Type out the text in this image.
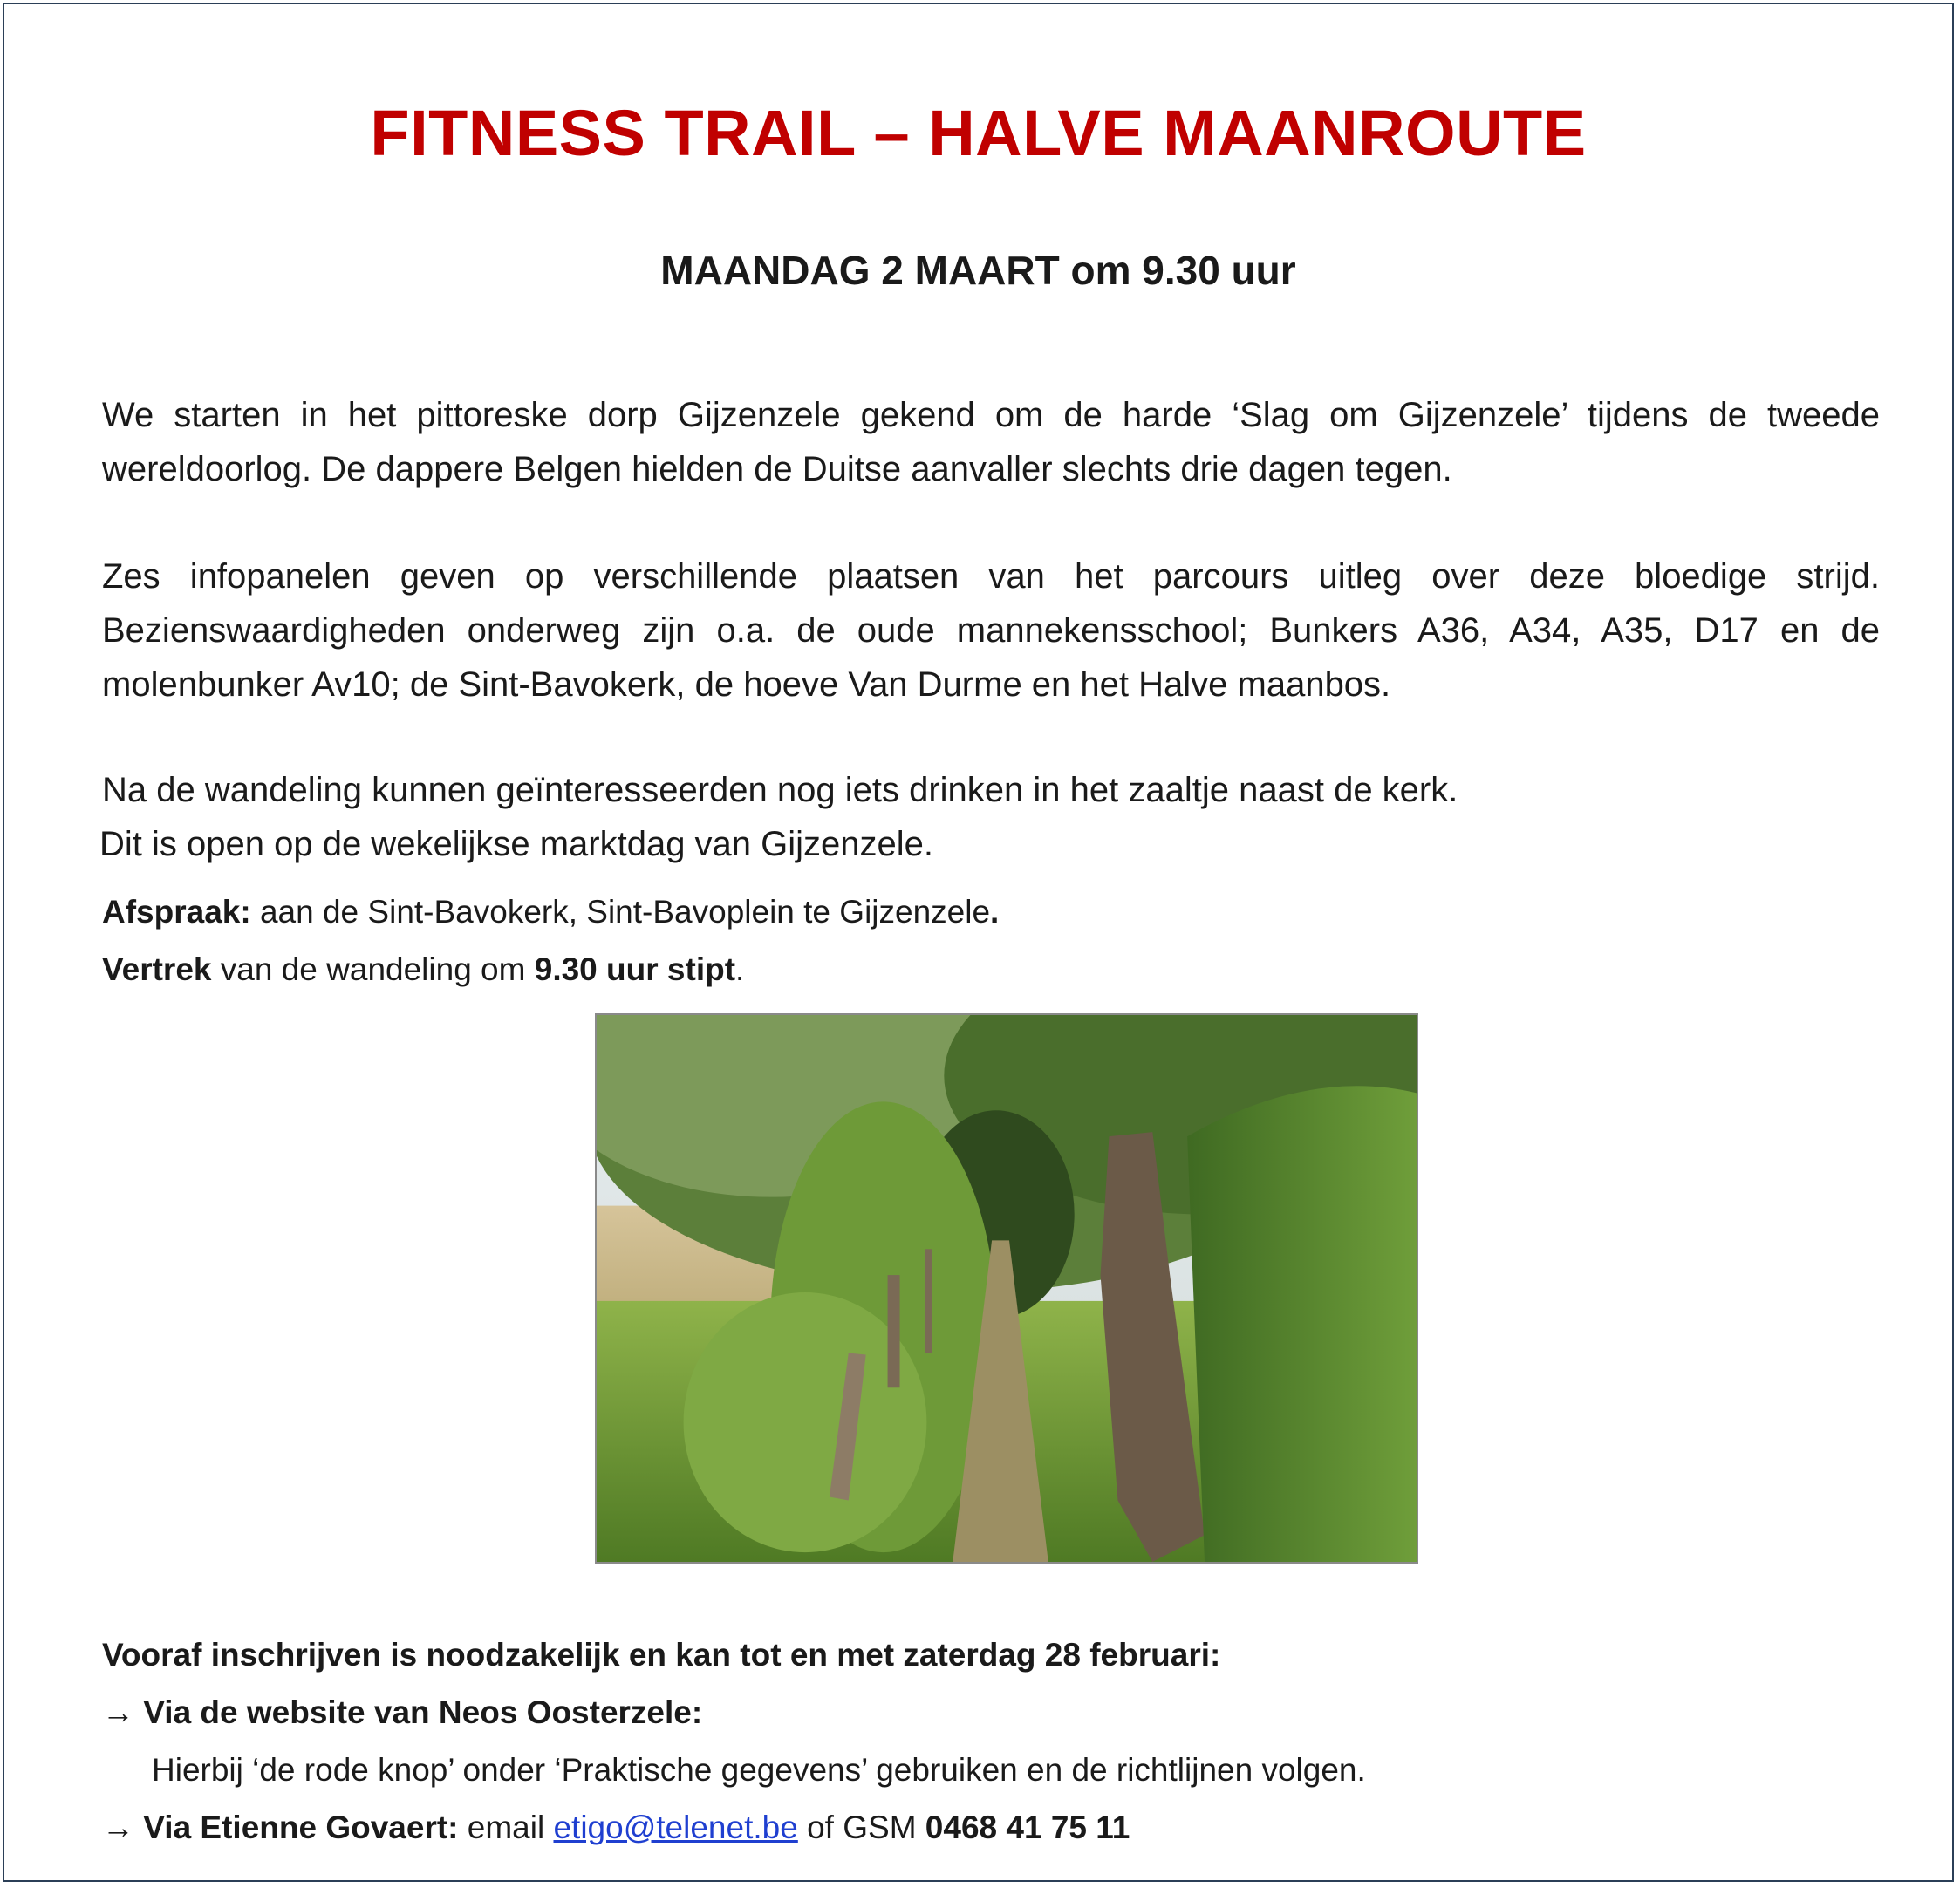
FITNESS TRAIL – HALVE MAANROUTE
MAANDAG 2 MAART om 9.30 uur

We starten in het pittoreske dorp Gijzenzele gekend om de harde ‘Slag om Gijzenzele’ tijdens de tweede wereldoorlog. De dappere Belgen hielden de Duitse aanvaller slechts drie dagen tegen.

Zes infopanelen geven op verschillende plaatsen van het parcours uitleg over deze bloedige strijd. Bezienswaardigheden onderweg zijn o.a. de oude mannekensschool; Bunkers A36, A34, A35, D17 en de molenbunker Av10; de Sint-Bavokerk, de hoeve Van Durme en het Halve maanbos.

Na de wandeling kunnen geïnteresseerden nog iets drinken in het zaaltje naast de kerk.

Dit is open op de wekelijkse marktdag van Gijzenzele.

Afspraak: aan de Sint-Bavokerk, Sint-Bavoplein te Gijzenzele.

Vertrek van de wandeling om 9.30 uur stipt.

Vooraf inschrijven is noodzakelijk en kan tot en met zaterdag 28 februari:

→ Via de website van Neos Oosterzele:

Hierbij ‘de rode knop’ onder ‘Praktische gegevens’ gebruiken en de richtlijnen volgen.

→ Via Etienne Govaert: email etigo@telenet.be of GSM 0468 41 75 11
